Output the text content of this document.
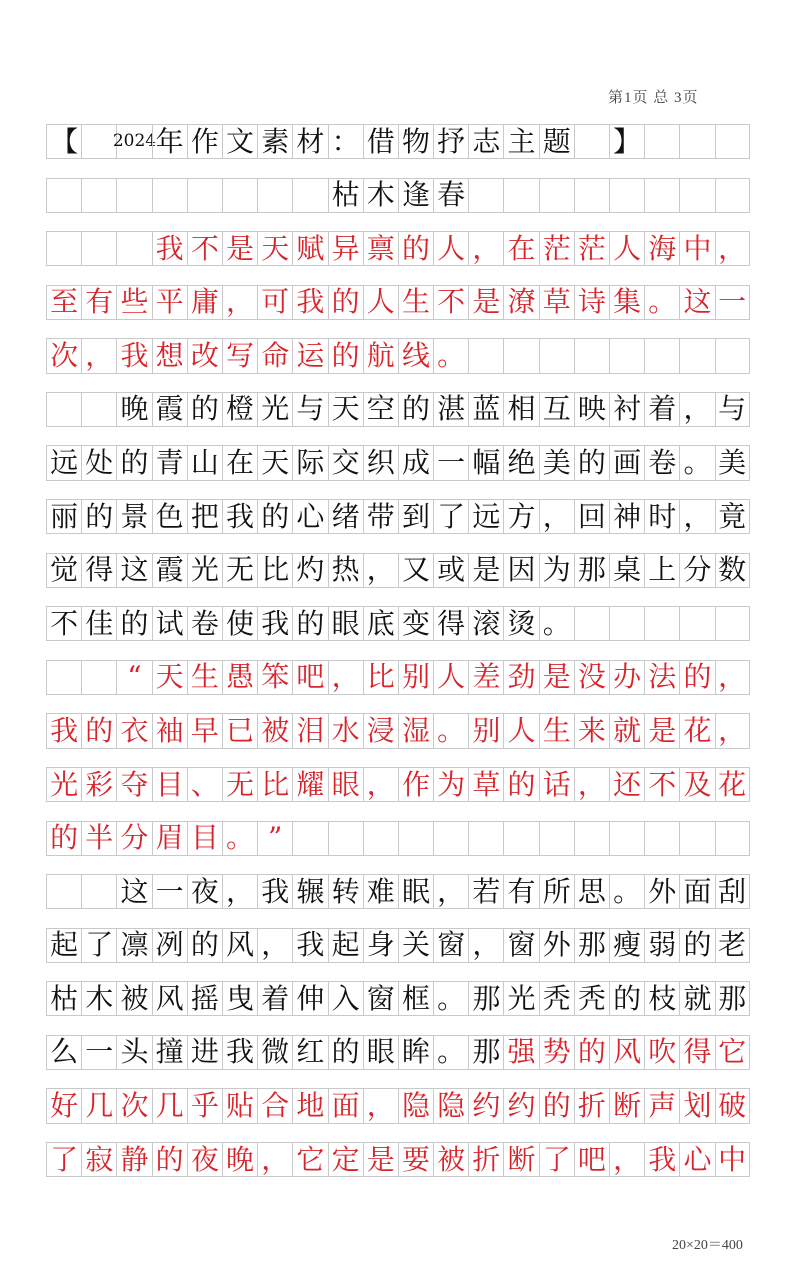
第1页 总 3页
【 2024 年 作 文 素 材 ： 借 物 抒 志 主 题 】
枯 木 逢 春
我 不 是 天 赋 异 禀 的 人 ， 在 茫 茫 人 海 中 ，
至 有 些 平 庸 ， 可 我 的 人 生 不 是 潦 草 诗 集 。 这 一
次 ， 我 想 改 写 命 运 的 航 线 。
晚 霞 的 橙 光 与 天 空 的 湛 蓝 相 互 映 衬 着 ， 与
远 处 的 青 山 在 天 际 交 织 成 一 幅 绝 美 的 画 卷 。 美
丽 的 景 色 把 我 的 心 绪 带 到 了 远 方 ， 回 神 时 ， 竟
觉 得 这 霞 光 无 比 灼 热 ， 又 或 是 因 为 那 桌 上 分 数
不 佳 的 试 卷 使 我 的 眼 底 变 得 滚 烫 。
“ 天 生 愚 笨 吧 ， 比 别 人 差 劲 是 没 办 法 的 ，
我 的 衣 袖 早 已 被 泪 水 浸 湿 。 别 人 生 来 就 是 花 ，
光 彩 夺 目 、 无 比 耀 眼 ， 作 为 草 的 话 ， 还 不 及 花
的 半 分 眉 目 。 ”
这 一 夜 ， 我 辗 转 难 眠 ， 若 有 所 思 。 外 面 刮
起 了 凛 冽 的 风 ， 我 起 身 关 窗 ， 窗 外 那 瘦 弱 的 老
枯 木 被 风 摇 曳 着 伸 入 窗 框 。 那 光 秃 秃 的 枝 就 那
么 一 头 撞 进 我 微 红 的 眼 眸 。 那 强 势 的 风 吹 得 它
好 几 次 几 乎 贴 合 地 面 ， 隐 隐 约 约 的 折 断 声 划 破
了 寂 静 的 夜 晚 ， 它 定 是 要 被 折 断 了 吧 ， 我 心 中
20×20＝400
